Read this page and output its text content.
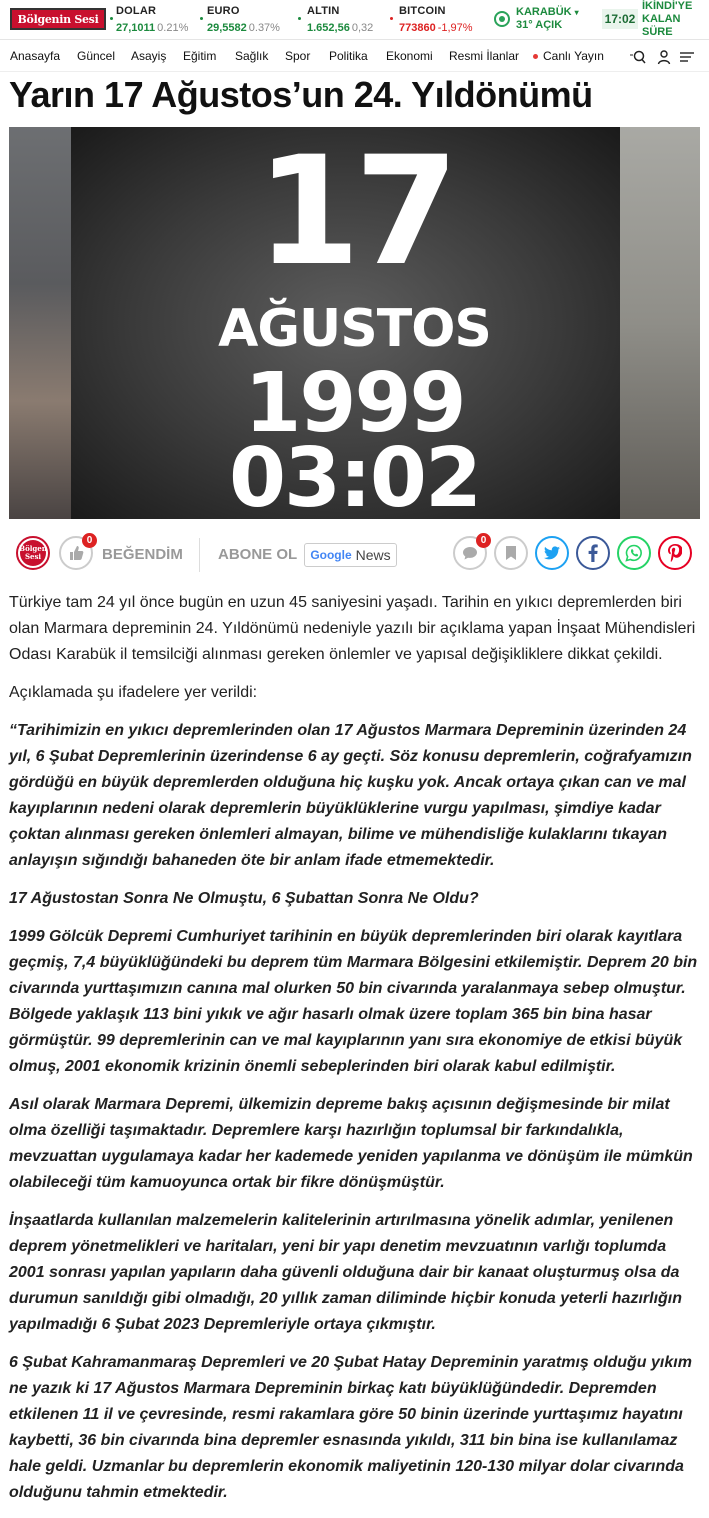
Bölgenin Sesi
DOLAR
27,1011 0.21%
EURO
29,5582 0.37%
ALTIN
1.652,56 0,32
BITCOIN
773860 -1,97%
KARABÜK ▾
31° AÇIK	17:02
İKİNDİ'YE
KALAN
SÜRE
Anasayfa Güncel Asayiş Eğitim Sağlık Spor Politika Ekonomi Resmi İlanlar	Canlı Yayın
Yarın 17 Ağustos’un 24. Yıldönümü
17
AĞUSTOS
1999
03:02
Bölgen Sesi
0
BEĞENDİM ABONE OL Google News
0

Türkiye tam 24 yıl önce bugün en uzun 45 saniyesini yaşadı. Tarihin en yıkıcı depremlerden biri olan Marmara depreminin 24. Yıldönümü nedeniyle yazılı bir açıklama yapan İnşaat Mühendisleri Odası Karabük il temsilciği alınması gereken önlemler ve yapısal değişikliklere dikkat çekildi.

Açıklamada şu ifadelere yer verildi:

“Tarihimizin en yıkıcı depremlerinden olan 17 Ağustos Marmara Depreminin üzerinden 24 yıl, 6 Şubat Depremlerinin üzerindense 6 ay geçti. Söz konusu depremlerin, coğrafyamızın gördüğü en büyük depremlerden olduğuna hiç kuşku yok. Ancak ortaya çıkan can ve mal kayıplarının nedeni olarak depremlerin büyüklüklerine vurgu yapılması, şimdiye kadar çoktan alınması gereken önlemleri almayan, bilime ve mühendisliğe kulaklarını tıkayan anlayışın sığındığı bahaneden öte bir anlam ifade etmemektedir.

17 Ağustostan Sonra Ne Olmuştu, 6 Şubattan Sonra Ne Oldu?

1999 Gölcük Depremi Cumhuriyet tarihinin en büyük depremlerinden biri olarak kayıtlara geçmiş, 7,4 büyüklüğündeki bu deprem tüm Marmara Bölgesini etkilemiştir. Deprem 20 bin civarında yurttaşımızın canına mal olurken 50 bin civarında yaralanmaya sebep olmuştur. Bölgede yaklaşık 113 bini yıkık ve ağır hasarlı olmak üzere toplam 365 bin bina hasar görmüştür. 99 depremlerinin can ve mal kayıplarının yanı sıra ekonomiye de etkisi büyük olmuş, 2001 ekonomik krizinin önemli sebeplerinden biri olarak kabul edilmiştir.

Asıl olarak Marmara Depremi, ülkemizin depreme bakış açısının değişmesinde bir milat olma özelliği taşımaktadır. Depremlere karşı hazırlığın toplumsal bir farkındalıkla, mevzuattan uygulamaya kadar her kademede yeniden yapılanma ve dönüşüm ile mümkün olabileceği tüm kamuoyunca ortak bir fikre dönüşmüştür.

İnşaatlarda kullanılan malzemelerin kalitelerinin artırılmasına yönelik adımlar, yenilenen deprem yönetmelikleri ve haritaları, yeni bir yapı denetim mevzuatının varlığı toplumda 2001 sonrası yapılan yapıların daha güvenli olduğuna dair bir kanaat oluşturmuş olsa da durumun sanıldığı gibi olmadığı, 20 yıllık zaman diliminde hiçbir konuda yeterli hazırlığın yapılmadığı 6 Şubat 2023 Depremleriyle ortaya çıkmıştır.

6 Şubat Kahramanmaraş Depremleri ve 20 Şubat Hatay Depreminin yaratmış olduğu yıkım ne yazık ki 17 Ağustos Marmara Depreminin birkaç katı büyüklüğündedir. Depremden etkilenen 11 il ve çevresinde, resmi rakamlara göre 50 binin üzerinde yurttaşımız hayatını kaybetti, 36 bin civarında bina depremler esnasında yıkıldı, 311 bin bina ise kullanılamaz hale geldi. Uzmanlar bu depremlerin ekonomik maliyetinin 120-130 milyar dolar civarında olduğunu tahmin etmektedir.
